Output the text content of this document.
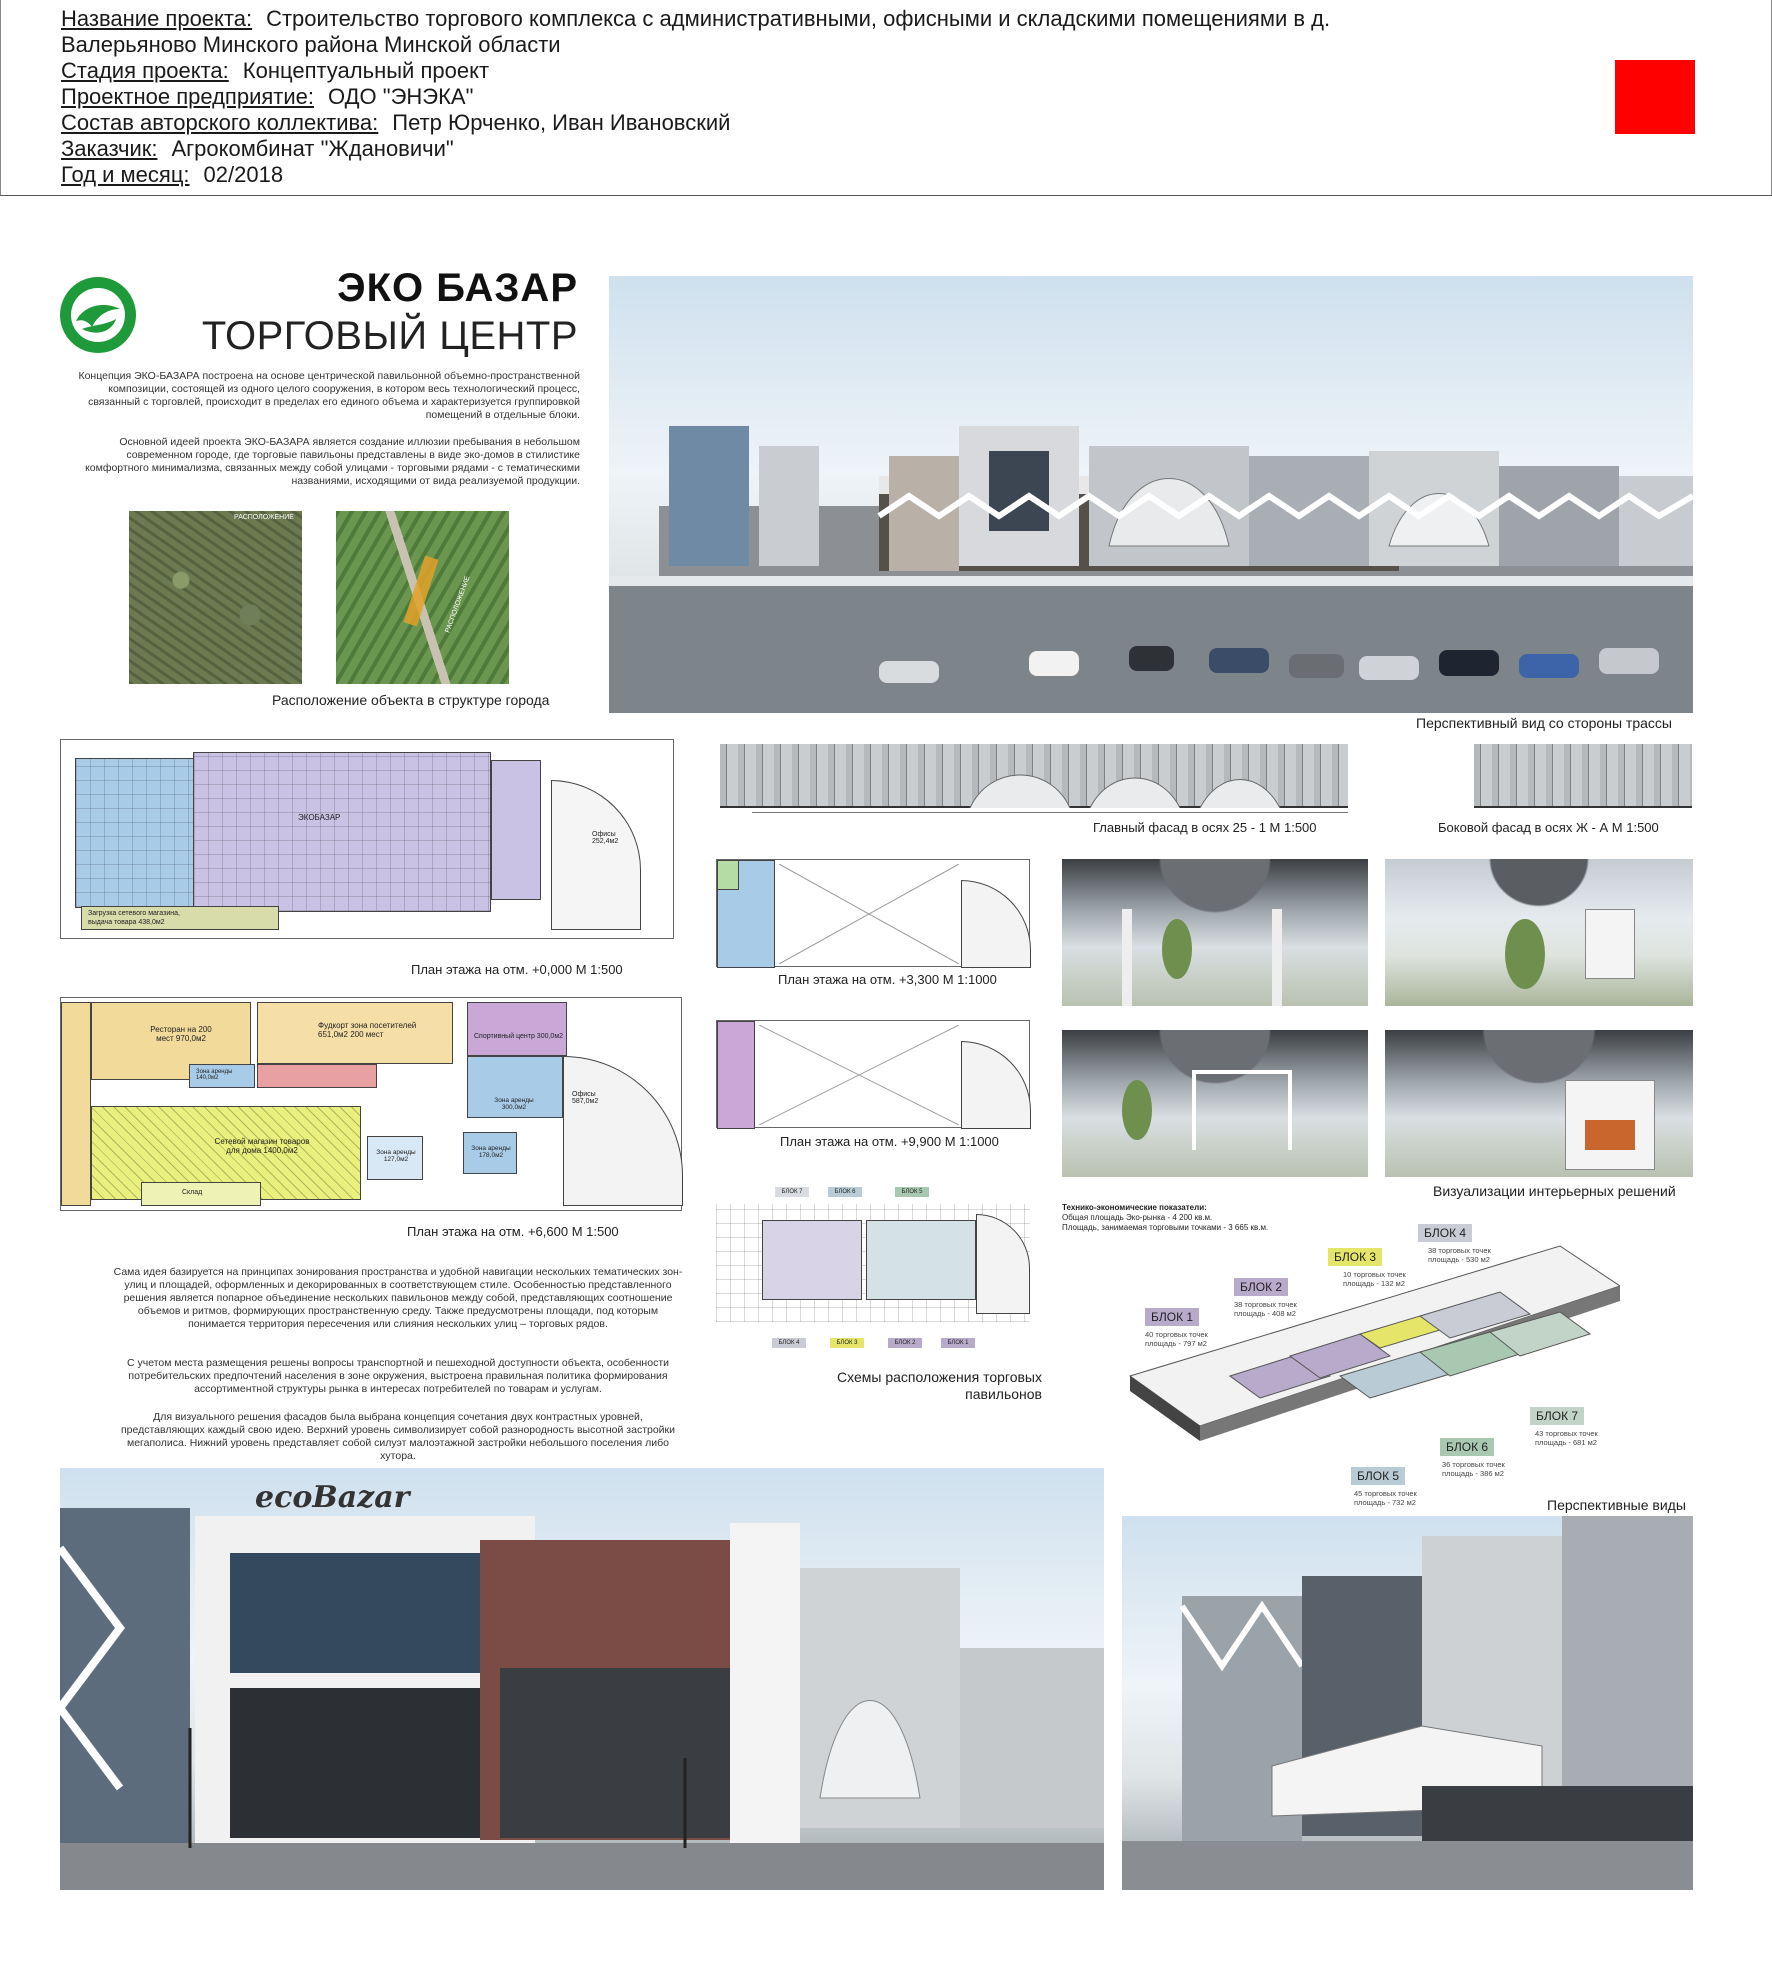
Название проекта: Строительство торгового комплекса с административными, офисными и складскими помещениями в д.
Валерьяново Минского района Минской области
Стадия проекта: Концептуальный проект
Проектное предприятие: ОДО "ЭНЭКА"
Состав авторского коллектива: Петр Юрченко, Иван Ивановский
Заказчик: Агрокомбинат "Ждановичи"
Год и месяц: 02/2018
ЭКО БАЗАР
ТОРГОВЫЙ ЦЕНТР
Концепция ЭКО-БАЗАРА построена на основе центрической павильонной объемно-пространственной композиции, состоящей из одного целого сооружения, в котором весь технологический процесс, связанный с торговлей, происходит в пределах его единого объема и характеризуется группировкой помещений в отдельные блоки.
Основной идеей проекта ЭКО-БАЗАРА является создание иллюзии пребывания в небольшом современном городе, где торговые павильоны представлены в виде эко-домов в стилистике комфортного минимализма, связанных между собой улицами - торговыми рядами - с тематическими названиями, исходящими от вида реализуемой продукции.
РАСПОЛОЖЕНИЕ
РАСПОЛОЖЕНИЕ
Расположение объекта в структуре города
Перспективный вид со стороны трассы
Главный фасад в осях 25 - 1 М 1:500	Боковой фасад в осях Ж - А М 1:500
ЭКОБАЗАР
Загрузка сетевого магазина, выдача товара 438,0м2
Офисы 252,4м2
План этажа на отм. +0,000 М 1:500
План этажа на отм. +3,300 М 1:1000
План этажа на отм. +9,900 М 1:1000
Ресторан на 200 мест 970,0м2
Фудкорт зона посетителей 651,0м2 200 мест
Зона аренды 140,0м2
Спортивный центр 300,0м2
Зона аренды 300,0м2
Зона аренды 178,0м2
Зона аренды 127,0м2
Офисы 587,0м2
Сетевой магазин товаров для дома 1400,0м2
Склад
План этажа на отм. +6,600 М 1:500
Визуализации интерьерных решений
БЛОК 7	БЛОК 6	БЛОК 5
БЛОК 4	БЛОК 3	БЛОК 2	БЛОК 1
Схемы расположения торговых павильонов
Технико-экономические показатели:
Общая площадь Эко-рынка - 4 200 кв.м.
Площадь, занимаемая торговыми точками - 3 665 кв.м.
БЛОК 1
40 торговых точек
площадь - 797 м2
БЛОК 2
38 торговых точек
площадь - 408 м2
БЛОК 3
10 торговых точек
площадь - 132 м2
БЛОК 4
38 торговых точек
площадь - 530 м2
БЛОК 5
45 торговых точек
площадь - 732 м2
БЛОК 6
36 торговых точек
площадь - 386 м2
БЛОК 7
43 торговых точек
площадь - 681 м2
Перспективные виды
Сама идея базируется на принципах зонирования пространства и удобной навигации нескольких тематических зон-улиц и площадей, оформленных и декорированных в соответствующем стиле. Особенностью представленного решения является попарное объединение нескольких павильонов между собой, представляющих соотношение объемов и ритмов, формирующих пространственную среду. Также предусмотрены площади, под которым понимается территория пересечения или слияния нескольких улиц – торговых рядов.
С учетом места размещения решены вопросы транспортной и пешеходной доступности объекта, особенности потребительских предпочтений населения в зоне окружения, выстроена правильная политика формирования ассортиментной структуры рынка в интересах потребителей по товарам и услугам.
Для визуального решения фасадов была выбрана концепция сочетания двух контрастных уровней, представляющих каждый свою идею. Верхний уровень символизирует собой разнородность высотной застройки мегаполиса. Нижний уровень представляет собой силуэт малоэтажной застройки небольшого поселения либо хутора.
ecoBazar
